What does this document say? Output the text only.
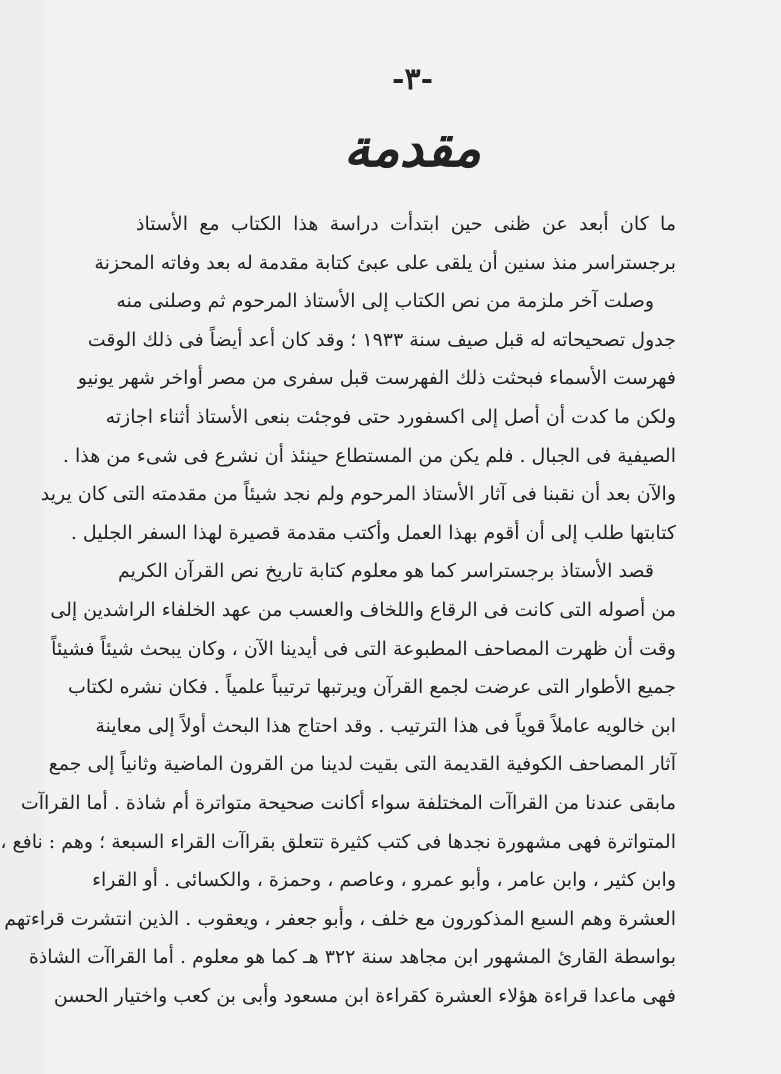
-٣-
مقدمة
ما كان أبعد عن ظنى حين ابتدأت دراسة هذا الكتاب مع الأستاذ
برجستراسر منذ سنين أن يلقى على عبئ كتابة مقدمة له بعد وفاته المحزنة
وصلت آخر ملزمة من نص الكتاب إلى الأستاذ المرحوم ثم وصلنى منه
جدول تصحيحاته له قبل صيف سنة ١٩٣٣ ؛ وقد كان أعد أيضاً فى ذلك الوقت
فهرست الأسماء فبحثت ذلك الفهرست قبل سفرى من مصر أواخر شهر يونيو
ولكن ما كدت أن أصل إلى اكسفورد حتى فوجئت بنعى الأستاذ أثناء اجازته
الصيفية فى الجبال . فلم يكن من المستطاع حينئذ أن نشرع فى شىء من هذا .
والآن بعد أن نقبنا فى آثار الأستاذ المرحوم ولم نجد شيئاً من مقدمته التى كان يريد
كتابتها طلب إلى أن أقوم بهذا العمل وأكتب مقدمة قصيرة لهذا السفر الجليل .
قصد الأستاذ برجستراسر كما هو معلوم كتابة تاريخ نص القرآن الكريم
من أصوله التى كانت فى الرقاع واللخاف والعسب من عهد الخلفاء الراشدين إلى
وقت أن ظهرت المصاحف المطبوعة التى فى أيدينا الآن ، وكان يبحث شيئاً فشيئاً
جميع الأطوار التى عرضت لجمع القرآن ويرتبها ترتيباً علمياً . فكان نشره لكتاب
ابن خالويه عاملاً قوياً فى هذا الترتيب . وقد احتاج هذا البحث أولاً إلى معاينة
آثار المصاحف الكوفية القديمة التى بقيت لدينا من القرون الماضية وثانياً إلى جمع
مابقى عندنا من القراآت المختلفة سواء أكانت صحيحة متواترة أم شاذة . أما القراآت
المتواترة فهى مشهورة نجدها فى كتب كثيرة تتعلق بقراآت القراء السبعة ؛ وهم : نافع ،
وابن كثير ، وابن عامر ، وأبو عمرو ، وعاصم ، وحمزة ، والكسائى . أو القراء
العشرة وهم السبع المذكورون مع خلف ، وأبو جعفر ، ويعقوب . الذين انتشرت قراءتهم
بواسطة القارئ المشهور ابن مجاهد سنة ٣٢٢ هـ كما هو معلوم . أما القراآت الشاذة
فهى ماعدا قراءة هؤلاء العشرة كقراءة ابن مسعود وأبى بن كعب واختيار الحسن
